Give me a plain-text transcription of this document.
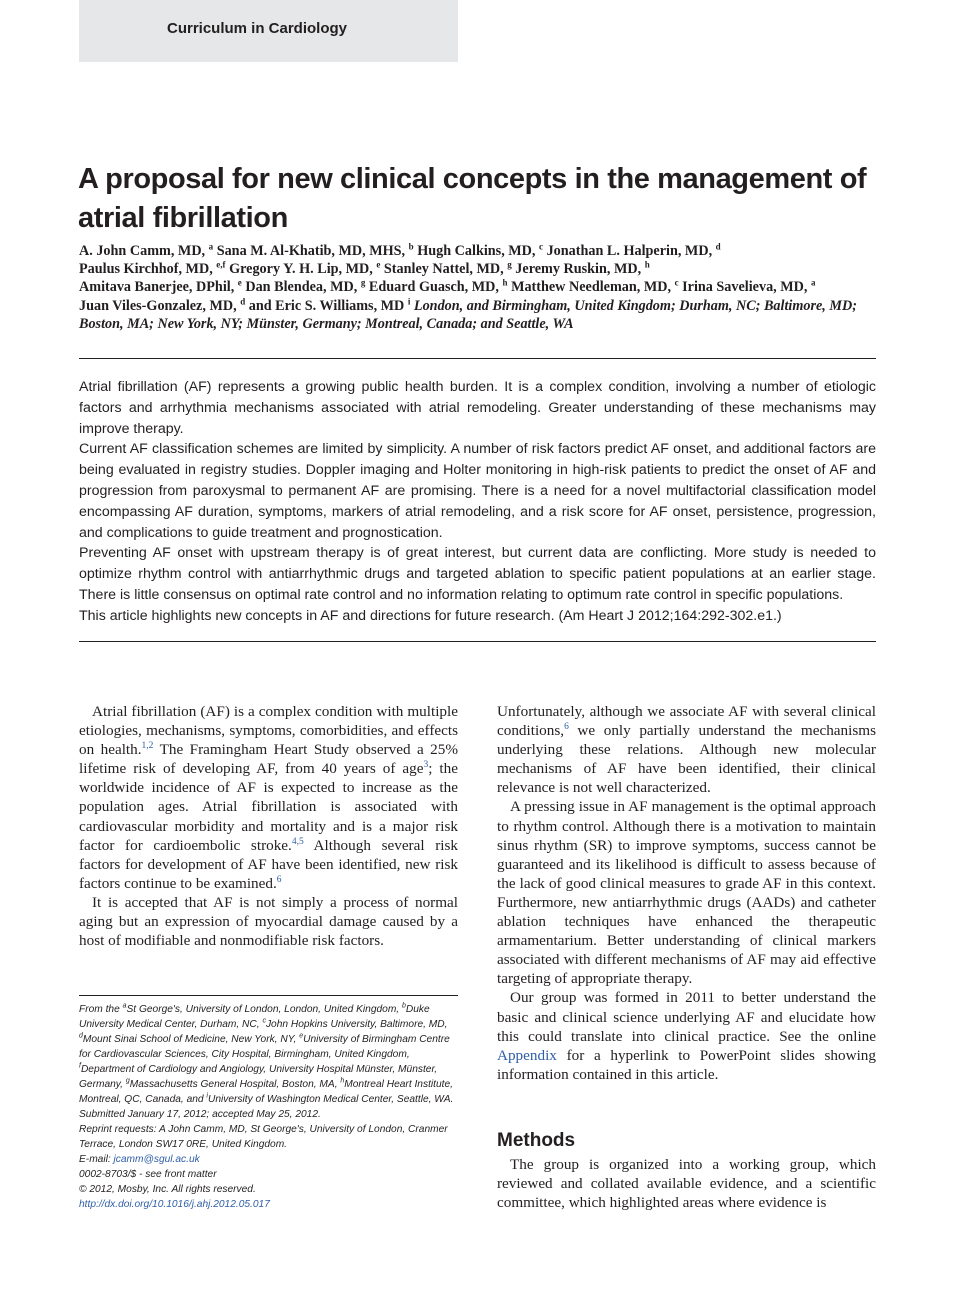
Curriculum in Cardiology
A proposal for new clinical concepts in the management of atrial fibrillation
A. John Camm, MD, $^a$ Sana M. Al-Khatib, MD, MHS, $^b$ Hugh Calkins, MD, $^c$ Jonathan L. Halperin, MD, $^d$
Paulus Kirchhof, MD, $^{e,f}$ Gregory Y. H. Lip, MD, $^e$ Stanley Nattel, MD, $^g$ Jeremy Ruskin, MD, $^h$
Amitava Banerjee, DPhil, $^e$ Dan Blendea, MD, $^g$ Eduard Guasch, MD, $^h$ Matthew Needleman, MD, $^c$ Irina Savelieva, MD, $^a$
Juan Viles-Gonzalez, MD, $^d$ and Eric S. Williams, MD $^i$ London, and Birmingham, United Kingdom; Durham, NC; Baltimore, MD; Boston, MA; New York, NY; Münster, Germany; Montreal, Canada; and Seattle, WA

Atrial fibrillation (AF) represents a growing public health burden. It is a complex condition, involving a number of etiologic factors and arrhythmia mechanisms associated with atrial remodeling. Greater understanding of these mechanisms may improve therapy.

Current AF classification schemes are limited by simplicity. A number of risk factors predict AF onset, and additional factors are being evaluated in registry studies. Doppler imaging and Holter monitoring in high-risk patients to predict the onset of AF and progression from paroxysmal to permanent AF are promising. There is a need for a novel multifactorial classification model encompassing AF duration, symptoms, markers of atrial remodeling, and a risk score for AF onset, persistence, progression, and complications to guide treatment and prognostication.

Preventing AF onset with upstream therapy is of great interest, but current data are conflicting. More study is needed to optimize rhythm control with antiarrhythmic drugs and targeted ablation to specific patient populations at an earlier stage. There is little consensus on optimal rate control and no information relating to optimum rate control in specific populations.

This article highlights new concepts in AF and directions for future research. (Am Heart J 2012;164:292-302.e1.)

Atrial fibrillation (AF) is a complex condition with multiple etiologies, mechanisms, symptoms, comorbidities, and effects on health.$^{1,2}$ The Framingham Heart Study observed a 25% lifetime risk of developing AF, from 40 years of age$^3$; the worldwide incidence of AF is expected to increase as the population ages. Atrial fibrillation is associated with cardiovascular morbidity and mortality and is a major risk factor for cardioembolic stroke.$^{4,5}$ Although several risk factors for development of AF have been identified, new risk factors continue to be examined.$^6$

It is accepted that AF is not simply a process of normal aging but an expression of myocardial damage caused by a host of modifiable and nonmodifiable risk factors.

From the $^a$St George's, University of London, London, United Kingdom, $^b$Duke University Medical Center, Durham, NC, $^c$John Hopkins University, Baltimore, MD, $^d$Mount Sinai School of Medicine, New York, NY, $^e$University of Birmingham Centre for Cardiovascular Sciences, City Hospital, Birmingham, United Kingdom, $^f$Department of Cardiology and Angiology, University Hospital Münster, Münster, Germany, $^g$Massachusetts General Hospital, Boston, MA, $^h$Montreal Heart Institute, Montreal, QC, Canada, and $^i$University of Washington Medical Center, Seattle, WA.

Submitted January 17, 2012; accepted May 25, 2012.

Reprint requests: A John Camm, MD, St George's, University of London, Cranmer Terrace, London SW17 0RE, United Kingdom.

E-mail: jcamm@sgul.ac.uk

0002-8703/$ - see front matter

© 2012, Mosby, Inc. All rights reserved.

http://dx.doi.org/10.1016/j.ahj.2012.05.017

Unfortunately, although we associate AF with several clinical conditions,$^6$ we only partially understand the mechanisms underlying these relations. Although new molecular mechanisms of AF have been identified, their clinical relevance is not well characterized.

A pressing issue in AF management is the optimal approach to rhythm control. Although there is a motivation to maintain sinus rhythm (SR) to improve symptoms, success cannot be guaranteed and its likelihood is difficult to assess because of the lack of good clinical measures to grade AF in this context. Furthermore, new antiarrhythmic drugs (AADs) and catheter ablation techniques have enhanced the therapeutic armamentarium. Better understanding of clinical markers associated with different mechanisms of AF may aid effective targeting of appropriate therapy.

Our group was formed in 2011 to better understand the basic and clinical science underlying AF and elucidate how this could translate into clinical practice. See the online Appendix for a hyperlink to PowerPoint slides showing information contained in this article.

Methods

The group is organized into a working group, which reviewed and collated available evidence, and a scientific committee, which highlighted areas where evidence is
